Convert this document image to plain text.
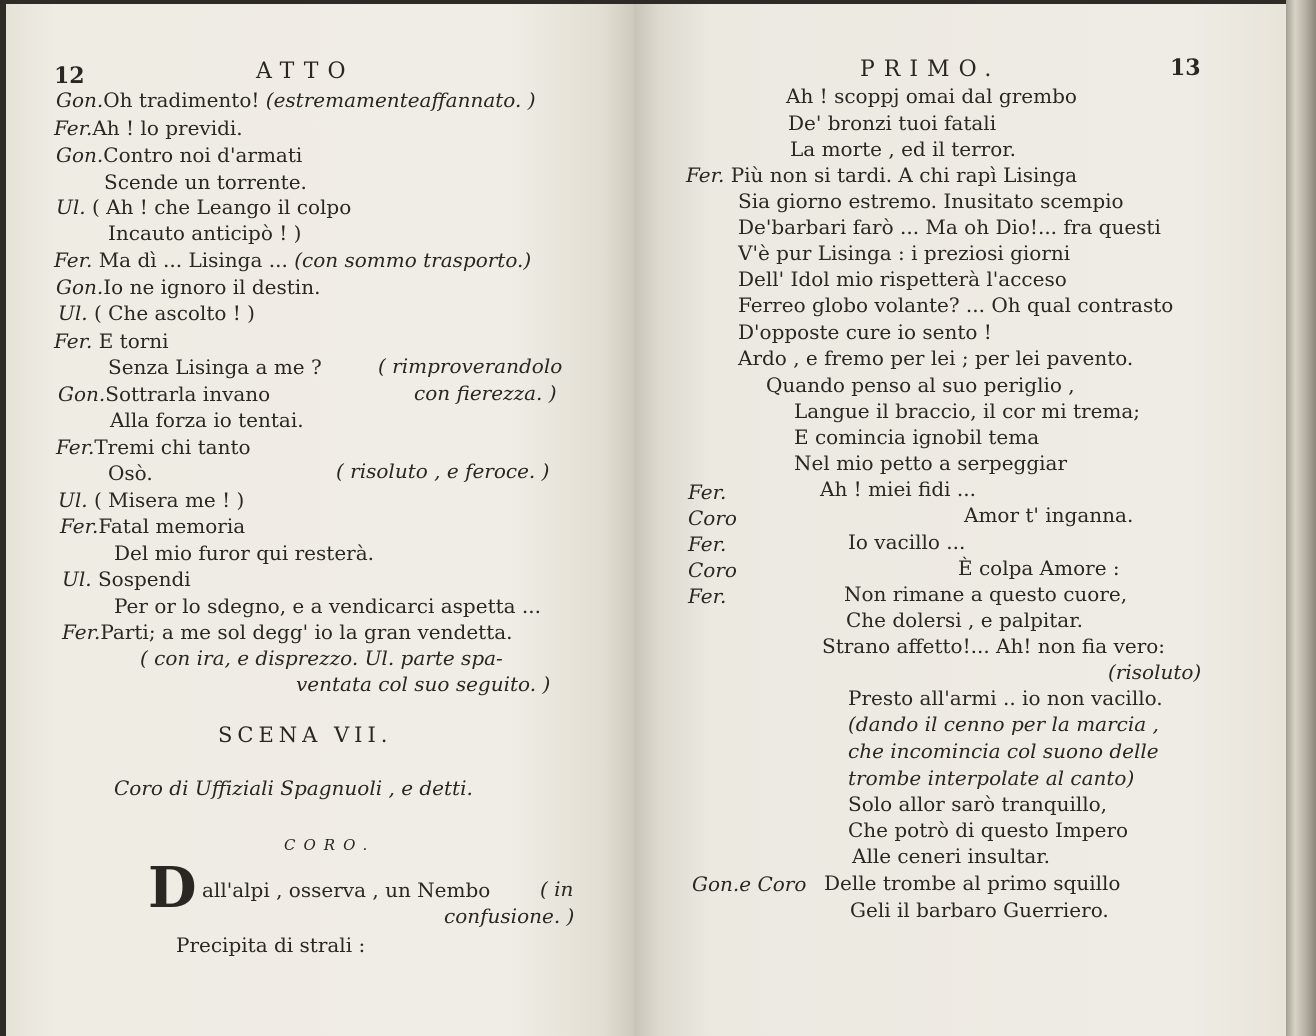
12	ATTO
Gon.Oh tradimento! (estremamenteaffannato. )
Fer.Ah ! lo previdi.
Gon.Contro noi d'armati
Scende un torrente.
Ul. ( Ah ! che Leango il colpo
Incauto anticipò ! )
Fer. Ma dì ... Lisinga ... (con sommo trasporto.)
Gon.Io ne ignoro il destin.
Ul. ( Che ascolto ! )
Fer. E torni
Senza Lisinga a me ?	( rimproverandolo
Gon.Sottrarla invano	con fierezza. )
Alla forza io tentai.
Fer.Tremi chi tanto
Osò.	( risoluto , e feroce. )
Ul. ( Misera me ! )
Fer.Fatal memoria
Del mio furor qui resterà.
Ul. Sospendi
Per or lo sdegno, e a vendicarci aspetta ...
Fer.Parti; a me sol degg' io la gran vendetta.
( con ira, e disprezzo. Ul. parte spa-
ventata col suo seguito. )
SCENA VII.
Coro di Uffiziali Spagnuoli , e detti.
CORO.
D all'alpi , osserva , un Nembo ( in
confusione. )
Precipita di strali :
PRIMO.	13
Ah ! scoppj omai dal grembo
De' bronzi tuoi fatali
La morte , ed il terror.
Fer. Più non si tardi. A chi rapì Lisinga
Sia giorno estremo. Inusitato scempio
De'barbari farò ... Ma oh Dio!... fra questi
V'è pur Lisinga : i preziosi giorni
Dell' Idol mio rispetterà l'acceso
Ferreo globo volante? ... Oh qual contrasto
D'opposte cure io sento !
Ardo , e fremo per lei ; per lei pavento.
Quando penso al suo periglio ,
Langue il braccio, il cor mi trema;
E comincia ignobil tema
Nel mio petto a serpeggiar
Fer.	Ah ! miei fidi ...
Coro	Amor t' inganna.
Fer.	Io vacillo ...
Coro	È colpa Amore :
Fer.	Non rimane a questo cuore,
Che dolersi , e palpitar.
Strano affetto!... Ah! non fia vero:
(risoluto)
Presto all'armi .. io non vacillo.
(dando il cenno per la marcia ,
che incomincia col suono delle
trombe interpolate al canto)
Solo allor sarò tranquillo,
Che potrò di questo Impero
Alle ceneri insultar.
Gon.e Coro Delle trombe al primo squillo
Geli il barbaro Guerriero.
